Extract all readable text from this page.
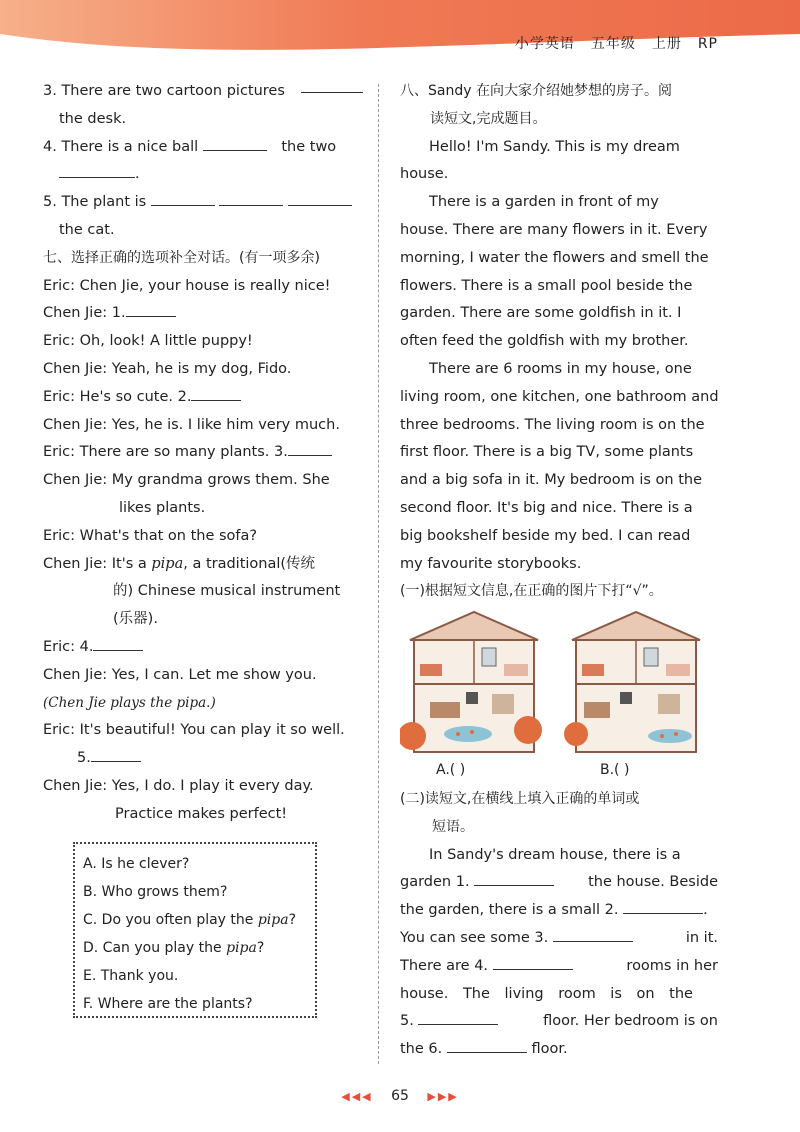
小学英语 五年级 上册 RP
3. There are two cartoon pictures
the desk.
4. There is a nice ball	the two
.
5. The plant is
the cat.
七、选择正确的选项补全对话。(有一项多余)
Eric: Chen Jie, your house is really nice!
Chen Jie: 1.
Eric: Oh, look! A little puppy!
Chen Jie: Yeah, he is my dog, Fido.
Eric: He's so cute. 2.
Chen Jie: Yes, he is. I like him very much.
Eric: There are so many plants. 3.
Chen Jie: My grandma grows them. She
likes plants.
Eric: What's that on the sofa?
Chen Jie: It's a pipa, a traditional(传统
的) Chinese musical instrument
(乐器).
Eric: 4.
Chen Jie: Yes, I can. Let me show you.
(Chen Jie plays the pipa.)
Eric: It's beautiful! You can play it so well.
5.
Chen Jie: Yes, I do. I play it every day.
Practice makes perfect!
A. Is he clever?
B. Who grows them?
C. Do you often play the pipa?
D. Can you play the pipa?
E. Thank you.
F. Where are the plants?
八、Sandy 在向大家介绍她梦想的房子。阅
读短文,完成题目。
Hello! I'm Sandy. This is my dream
house.
There is a garden in front of my
house. There are many flowers in it. Every
morning, I water the flowers and smell the
flowers. There is a small pool beside the
garden. There are some goldfish in it. I
often feed the goldfish with my brother.
There are 6 rooms in my house, one
living room, one kitchen, one bathroom and
three bedrooms. The living room is on the
first floor. There is a big TV, some plants
and a big sofa in it. My bedroom is on the
second floor. It's big and nice. There is a
big bookshelf beside my bed. I can read
my favourite storybooks.
(一)根据短文信息,在正确的图片下打“√”。
A.( )	B.( )
(二)读短文,在横线上填入正确的单词或
短语。
In Sandy's dream house, there is a
garden 1.	the house. Beside
the garden, there is a small 2.	.
You can see some 3.	in it.
There are 4.	rooms in her
house. The living room is on the
5.	floor. Her bedroom is on
the 6.	floor.
◀◀◀ 65 ▶▶▶
